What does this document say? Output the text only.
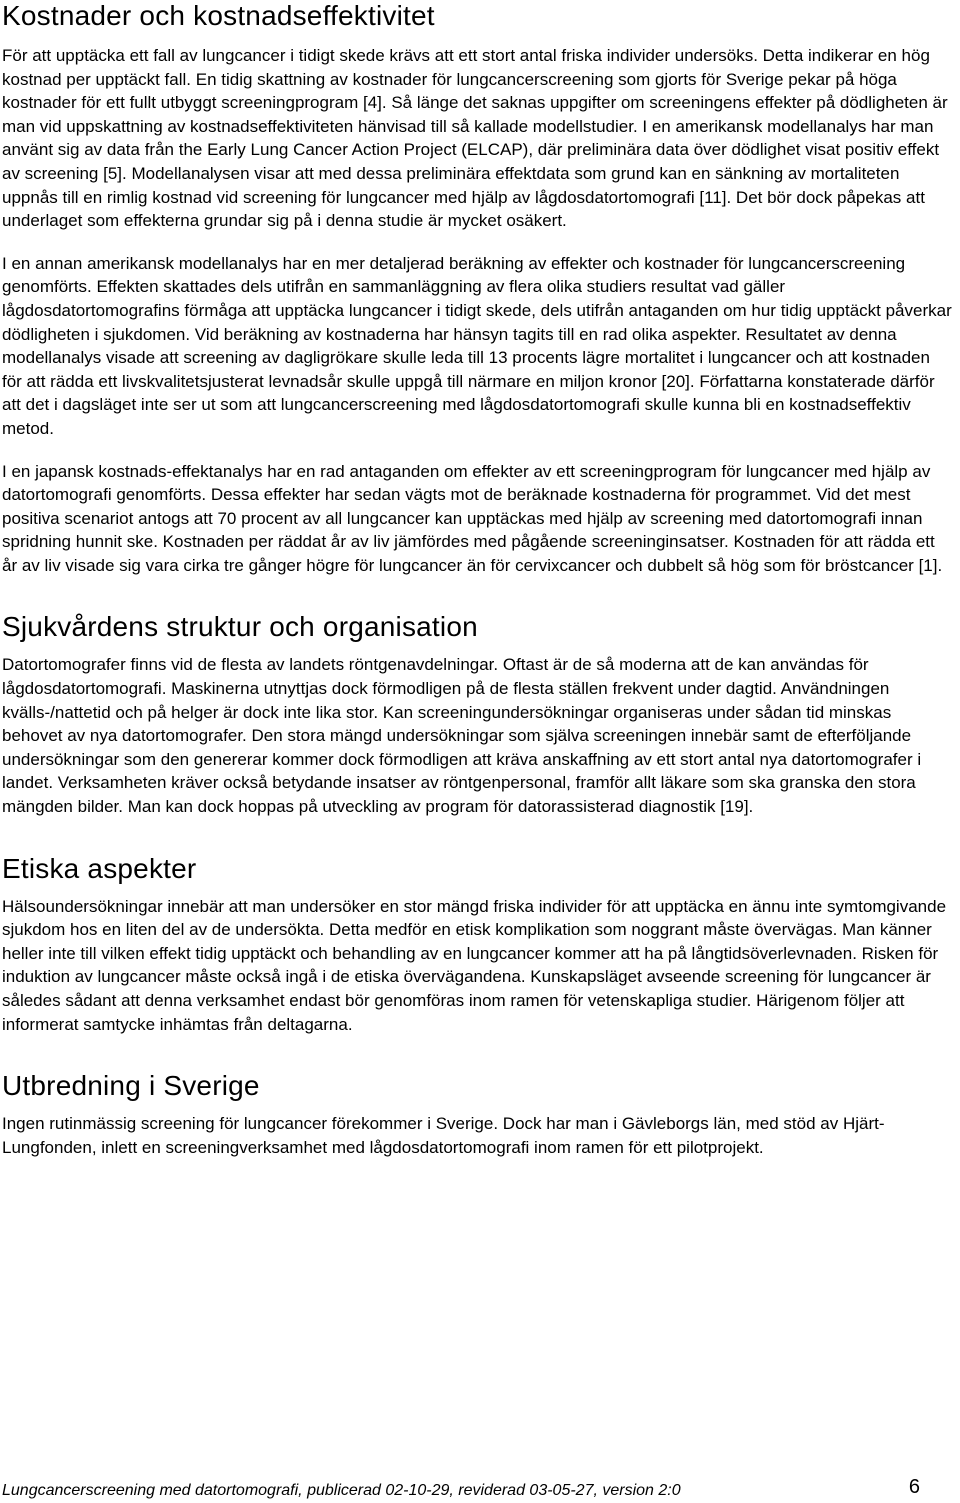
Kostnader och kostnadseffektivitet

För att upptäcka ett fall av lungcancer i tidigt skede krävs att ett stort antal friska individer undersöks. Detta indikerar en hög kostnad per upptäckt fall. En tidig skattning av kostnader för lungcancerscreening som gjorts för Sverige pekar på höga kostnader för ett fullt utbyggt screeningprogram [4]. Så länge det saknas uppgifter om screeningens effekter på dödligheten är man vid uppskattning av kostnadseffektiviteten hänvisad till så kallade modellstudier. I en amerikansk modellanalys har man använt sig av data från the Early Lung Cancer Action Project (ELCAP), där preliminära data över dödlighet visat positiv effekt av screening [5]. Modellanalysen visar att med dessa preliminära effektdata som grund kan en sänkning av mortaliteten uppnås till en rimlig kostnad vid screening för lungcancer med hjälp av lågdosdatortomografi [11]. Det bör dock påpekas att underlaget som effekterna grundar sig på i denna studie är mycket osäkert.

I en annan amerikansk modellanalys har en mer detaljerad beräkning av effekter och kostnader för lungcancerscreening genomförts. Effekten skattades dels utifrån en sammanläggning av flera olika studiers resultat vad gäller lågdosdatortomografins förmåga att upptäcka lungcancer i tidigt skede, dels utifrån antaganden om hur tidig upptäckt påverkar dödligheten i sjukdomen. Vid beräkning av kostnaderna har hänsyn tagits till en rad olika aspekter. Resultatet av denna modellanalys visade att screening av dagligrökare skulle leda till 13 procents lägre mortalitet i lungcancer och att kostnaden för att rädda ett livskvalitetsjusterat levnadsår skulle uppgå till närmare en miljon kronor [20]. Författarna konstaterade därför att det i dagsläget inte ser ut som att lungcancerscreening med lågdosdatortomografi skulle kunna bli en kostnadseffektiv metod.

I en japansk kostnads-effektanalys har en rad antaganden om effekter av ett screeningprogram för lungcancer med hjälp av datortomografi genomförts. Dessa effekter har sedan vägts mot de beräknade kostnaderna för programmet. Vid det mest positiva scenariot antogs att 70 procent av all lungcancer kan upptäckas med hjälp av screening med datortomografi innan spridning hunnit ske. Kostnaden per räddat år av liv jämfördes med pågående screeninginsatser. Kostnaden för att rädda ett år av liv visade sig vara cirka tre gånger högre för lungcancer än för cervixcancer och dubbelt så hög som för bröstcancer [1].

Sjukvårdens struktur och organisation

Datortomografer finns vid de flesta av landets röntgenavdelningar. Oftast är de så moderna att de kan användas för lågdosdatortomografi. Maskinerna utnyttjas dock förmodligen på de flesta ställen frekvent under dagtid. Användningen kvälls-/nattetid och på helger är dock inte lika stor. Kan screeningundersökningar organiseras under sådan tid minskas behovet av nya datortomografer. Den stora mängd undersökningar som själva screeningen innebär samt de efterföljande undersökningar som den genererar kommer dock förmodligen att kräva anskaffning av ett stort antal nya datortomografer i landet. Verksamheten kräver också betydande insatser av röntgenpersonal, framför allt läkare som ska granska den stora mängden bilder. Man kan dock hoppas på utveckling av program för datorassisterad diagnostik [19].

Etiska aspekter

Hälsoundersökningar innebär att man undersöker en stor mängd friska individer för att upptäcka en ännu inte symtomgivande sjukdom hos en liten del av de undersökta. Detta medför en etisk komplikation som noggrant måste övervägas. Man känner heller inte till vilken effekt tidig upptäckt och behandling av en lungcancer kommer att ha på långtidsöverlevnaden. Risken för induktion av lungcancer måste också ingå i de etiska övervägandena. Kunskapsläget avseende screening för lungcancer är således sådant att denna verksamhet endast bör genomföras inom ramen för vetenskapliga studier. Härigenom följer att informerat samtycke inhämtas från deltagarna.

Utbredning i Sverige

Ingen rutinmässig screening för lungcancer förekommer i Sverige. Dock har man i Gävleborgs län, med stöd av Hjärt-Lungfonden, inlett en screeningverksamhet med lågdosdatortomografi inom ramen för ett pilotprojekt.

Lungcancerscreening med datortomografi, publicerad 02-10-29, reviderad 03-05-27, version 2:0	6
